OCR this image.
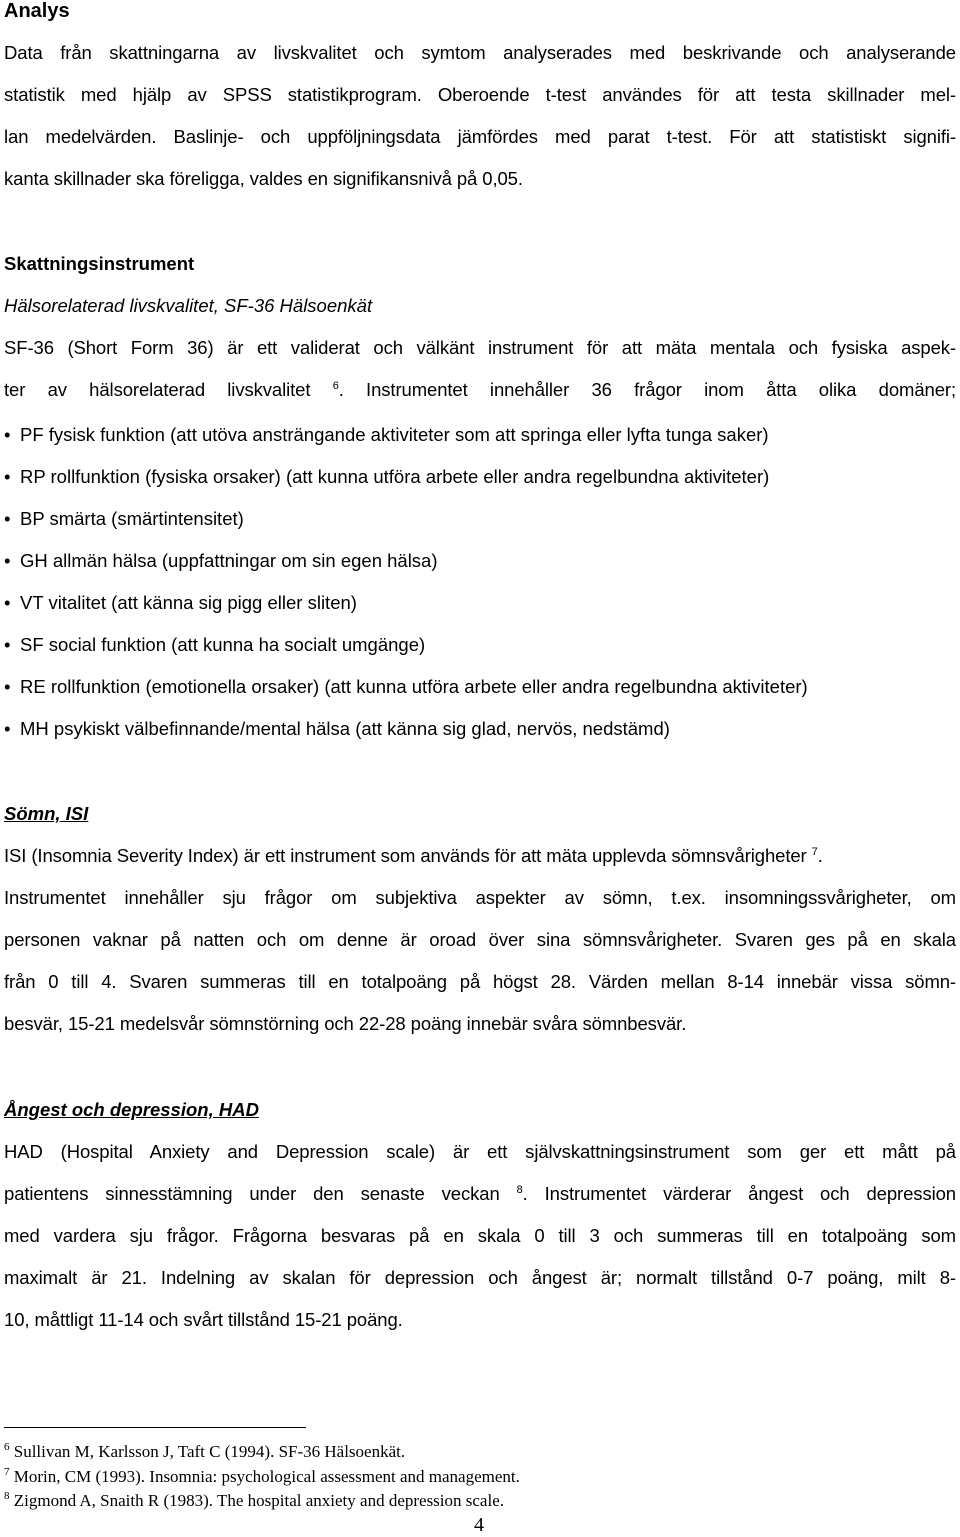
Analys
Data från skattningarna av livskvalitet och symtom analyserades med beskrivande och analyserande
statistik med hjälp av SPSS statistikprogram. Oberoende t-test användes för att testa skillnader mel-
lan medelvärden. Baslinje- och uppföljningsdata jämfördes med parat t-test. För att statistiskt signifi-
kanta skillnader ska föreligga, valdes en signifikansnivå på 0,05.
Skattningsinstrument
Hälsorelaterad livskvalitet, SF-36 Hälsoenkät
SF-36 (Short Form 36) är ett validerat och välkänt instrument för att mäta mentala och fysiska aspek-
ter av hälsorelaterad livskvalitet $^6$. Instrumentet innehåller 36 frågor inom åtta olika domäner;
• PF fysisk funktion (att utöva ansträngande aktiviteter som att springa eller lyfta tunga saker)
• RP rollfunktion (fysiska orsaker) (att kunna utföra arbete eller andra regelbundna aktiviteter)
• BP smärta (smärtintensitet)
• GH allmän hälsa (uppfattningar om sin egen hälsa)
• VT vitalitet (att känna sig pigg eller sliten)
• SF social funktion (att kunna ha socialt umgänge)
• RE rollfunktion (emotionella orsaker) (att kunna utföra arbete eller andra regelbundna aktiviteter)
• MH psykiskt välbefinnande/mental hälsa (att känna sig glad, nervös, nedstämd)
Sömn, ISI
ISI (Insomnia Severity Index) är ett instrument som används för att mäta upplevda sömnsvårigheter $^7$.
Instrumentet innehåller sju frågor om subjektiva aspekter av sömn, t.ex. insomningssvårigheter, om
personen vaknar på natten och om denne är oroad över sina sömnsvårigheter. Svaren ges på en skala
från 0 till 4. Svaren summeras till en totalpoäng på högst 28. Värden mellan 8-14 innebär vissa sömn-
besvär, 15-21 medelsvår sömnstörning och 22-28 poäng innebär svåra sömnbesvär.
Ångest och depression, HAD
HAD (Hospital Anxiety and Depression scale) är ett självskattningsinstrument som ger ett mått på
patientens sinnesstämning under den senaste veckan $^8$. Instrumentet värderar ångest och depression
med vardera sju frågor. Frågorna besvaras på en skala 0 till 3 och summeras till en totalpoäng som
maximalt är 21. Indelning av skalan för depression och ångest är; normalt tillstånd 0-7 poäng, milt 8-
10, måttligt 11-14 och svårt tillstånd 15-21 poäng.
$^6$ Sullivan M, Karlsson J, Taft C (1994). SF-36 Hälsoenkät.
$^7$ Morin, CM (1993). Insomnia: psychological assessment and management.
$^8$ Zigmond A, Snaith R (1983). The hospital anxiety and depression scale.
4
